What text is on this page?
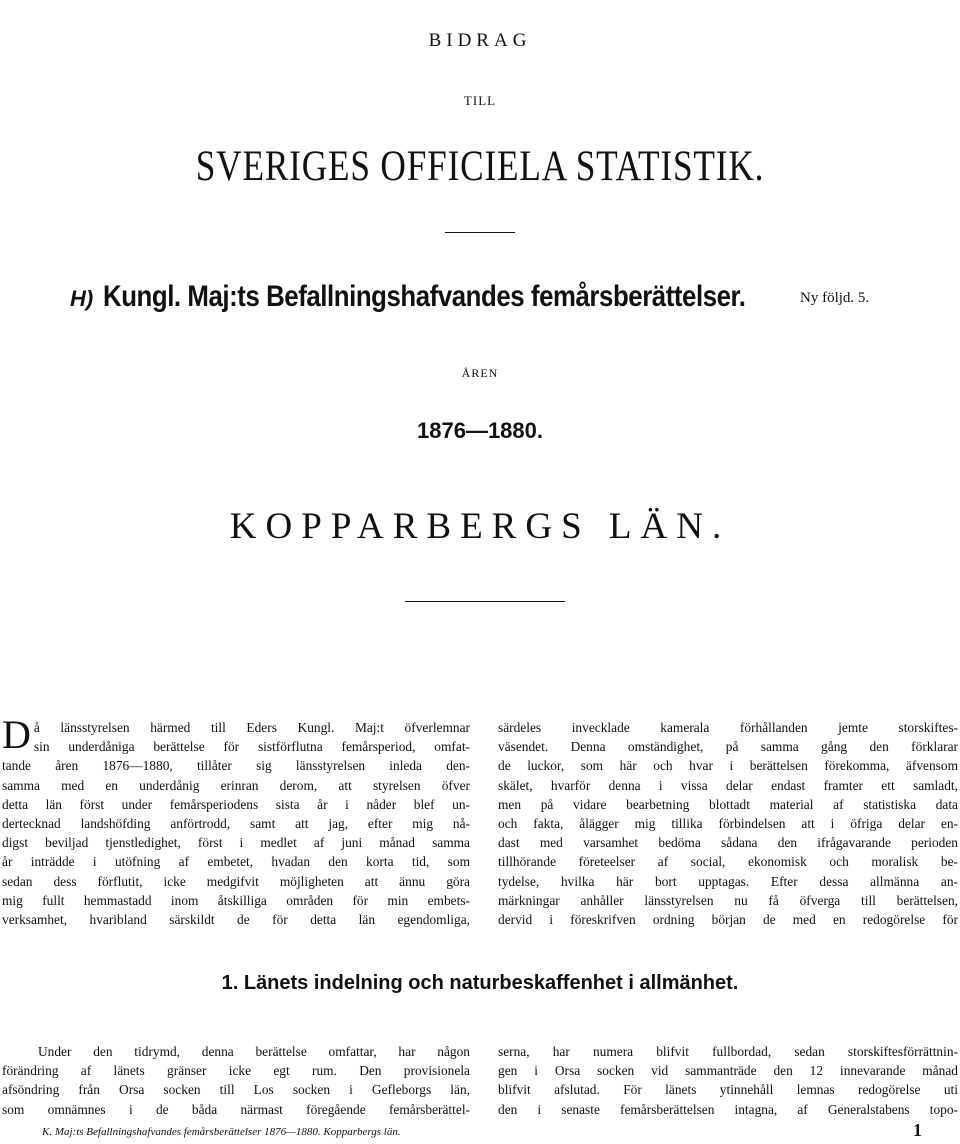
BIDRAG
TILL
SVERIGES OFFICIELA STATISTIK.
H) Kungl. Maj:ts Befallningshafvandes femårsberättelser.	Ny följd. 5.
ÅREN
1876—1880.
KOPPARBERGS LÄN.
D å länsstyrelsen härmed till Eders Kungl. Maj:t öfverlemnar

sin underdåniga berättelse för sistförflutna femårsperiod, omfat-

tande åren 1876—1880, tillåter sig länsstyrelsen inleda den-

samma med en underdånig erinran derom, att styrelsen öfver

detta län först under femårsperiodens sista år i nåder blef un-

dertecknad landshöfding anförtrodd, samt att jag, efter mig nå-

digst beviljad tjenstledighet, först i medlet af juni månad samma

år inträdde i utöfning af embetet, hvadan den korta tid, som

sedan dess förflutit, icke medgifvit möjligheten att ännu göra

mig fullt hemmastadd inom åtskilliga områden för min embets-

verksamhet, hvaribland särskildt de för detta län egendomliga,

särdeles invecklade kamerala förhållanden jemte storskiftes-

väsendet. Denna omständighet, på samma gång den förklarar

de luckor, som här och hvar i berättelsen förekomma, äfvensom

skälet, hvarför denna i vissa delar endast framter ett samladt,

men på vidare bearbetning blottadt material af statistiska data

och fakta, ålägger mig tillika förbindelsen att i öfriga delar en-

dast med varsamhet bedöma sådana den ifrågavarande perioden

tillhörande företeelser af social, ekonomisk och moralisk be-

tydelse, hvilka här bort upptagas. Efter dessa allmänna an-

märkningar anhåller länsstyrelsen nu få öfverga till berättelsen,

dervid i föreskrifven ordning början de med en redogörelse för

1. Länets indelning och naturbeskaffenhet i allmänhet.

Under den tidrymd, denna berättelse omfattar, har någon

förändring af länets gränser icke egt rum. Den provisionela

afsöndring från Orsa socken till Los socken i Gefleborgs län,

som omnämnes i de båda närmast föregående femårsberättel-

serna, har numera blifvit fullbordad, sedan storskiftesförrättnin-

gen i Orsa socken vid sammanträde den 12 innevarande månad

blifvit afslutad. För länets ytinnehåll lemnas redogörelse uti

den i senaste femårsberättelsen intagna, af Generalstabens topo-

K. Maj:ts Befallningshafvandes femårsberättelser 1876—1880. Kopparbergs län.	1
